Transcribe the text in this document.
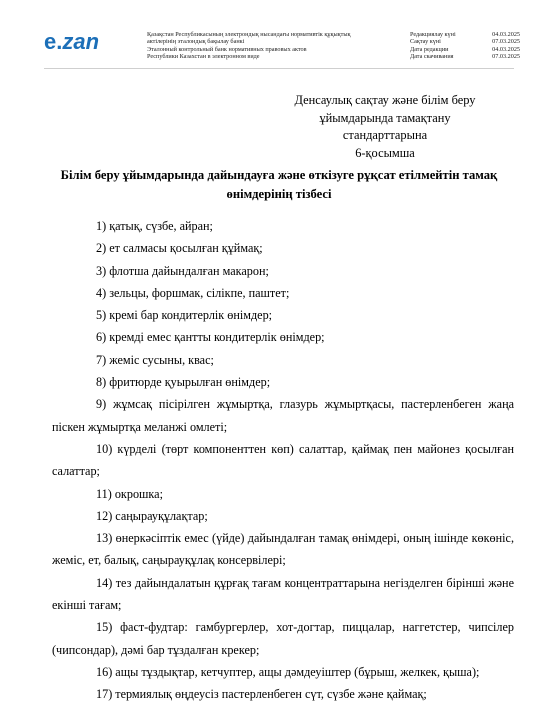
e.zan	Қазақстан Республикасының электрондық нысандағы нормативтік құқықтық
актілерінің эталондық бақылау банкі
Эталонный контрольный банк нормативных правовых актов
Республики Казахстан в электронном виде
Редакциялау күні	04.03.2025
Сақтау күні	07.03.2025
Дата редакции	04.03.2025
Дата скачивания	07.03.2025
Денсаулық сақтау және білім беру
ұйымдарында тамақтану
стандарттарына
6-қосымша
Білім беру ұйымдарында дайындауға және өткізуге рұқсат етілмейтін тамақ өнімдерінің тізбесі
1) қатық, сүзбе, айран;
2) ет салмасы қосылған құймақ;
3) флотша дайындалған макарон;
4) зельцы, форшмак, сілікпе, паштет;
5) кремі бар кондитерлік өнімдер;
6) кремді емес қантты кондитерлік өнімдер;
7) жеміс сусыны, квас;
8) фритюрде қуырылған өнімдер;
9) жұмсақ пісірілген жұмыртқа, глазурь жұмыртқасы, пастерленбеген жаңа піскен жұмыртқа меланжі омлеті;
10) күрделі (төрт компоненттен көп) салаттар, қаймақ пен майонез қосылған салаттар;
11) окрошка;
12) саңырауқұлақтар;
13) өнеркәсіптік емес (үйде) дайындалған тамақ өнімдері, оның ішінде көкөніс, жеміс, ет, балық, саңырауқұлақ консервілері;
14) тез дайындалатын құрғақ тағам концентраттарына негізделген бірінші және екінші тағам;
15) фаст-фудтар: гамбургерлер, хот-догтар, пиццалар, наггетстер, чипсілер (чипсондар), дәмі бар тұздалған крекер;
16) ащы тұздықтар, кетчуптер, ащы дәмдеуіштер (бұрыш, желкек, қыша);
17) термиялық өңдеусіз пастерленбеген сүт, сүзбе және қаймақ;
